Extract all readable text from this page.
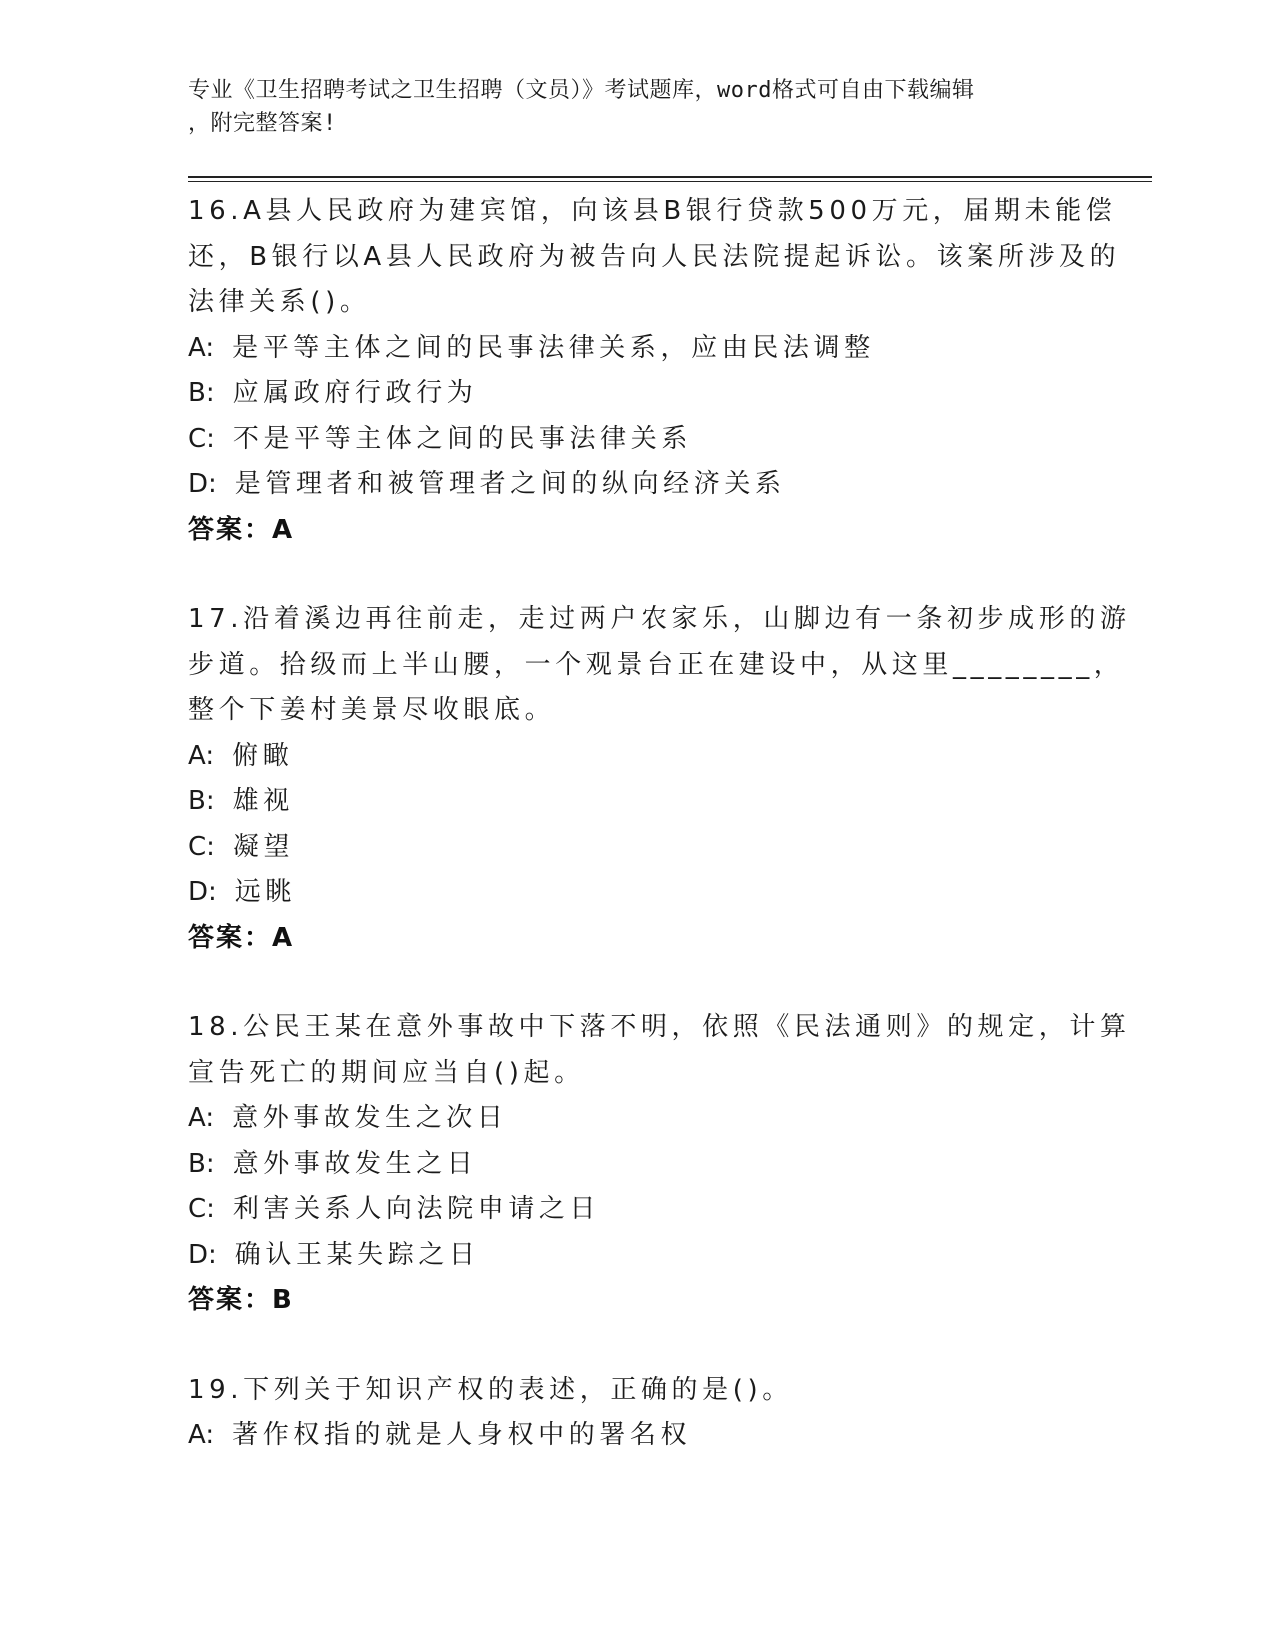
专业《卫生招聘考试之卫生招聘（文员）》考试题库，word格式可自由下载编辑
，附完整答案!
16.A县人民政府为建宾馆，向该县B银行贷款500万元，届期未能偿
还，B银行以A县人民政府为被告向人民法院提起诉讼。该案所涉及的
法律关系()。
A: 是平等主体之间的民事法律关系，应由民法调整
B: 应属政府行政行为
C: 不是平等主体之间的民事法律关系
D: 是管理者和被管理者之间的纵向经济关系
答案：A
17.沿着溪边再往前走，走过两户农家乐，山脚边有一条初步成形的游
步道。拾级而上半山腰，一个观景台正在建设中，从这里________，
整个下姜村美景尽收眼底。
A: 俯瞰
B: 雄视
C: 凝望
D: 远眺
答案：A
18.公民王某在意外事故中下落不明，依照《民法通则》的规定，计算
宣告死亡的期间应当自()起。
A: 意外事故发生之次日
B: 意外事故发生之日
C: 利害关系人向法院申请之日
D: 确认王某失踪之日
答案：B
19.下列关于知识产权的表述，正确的是()。
A: 著作权指的就是人身权中的署名权
